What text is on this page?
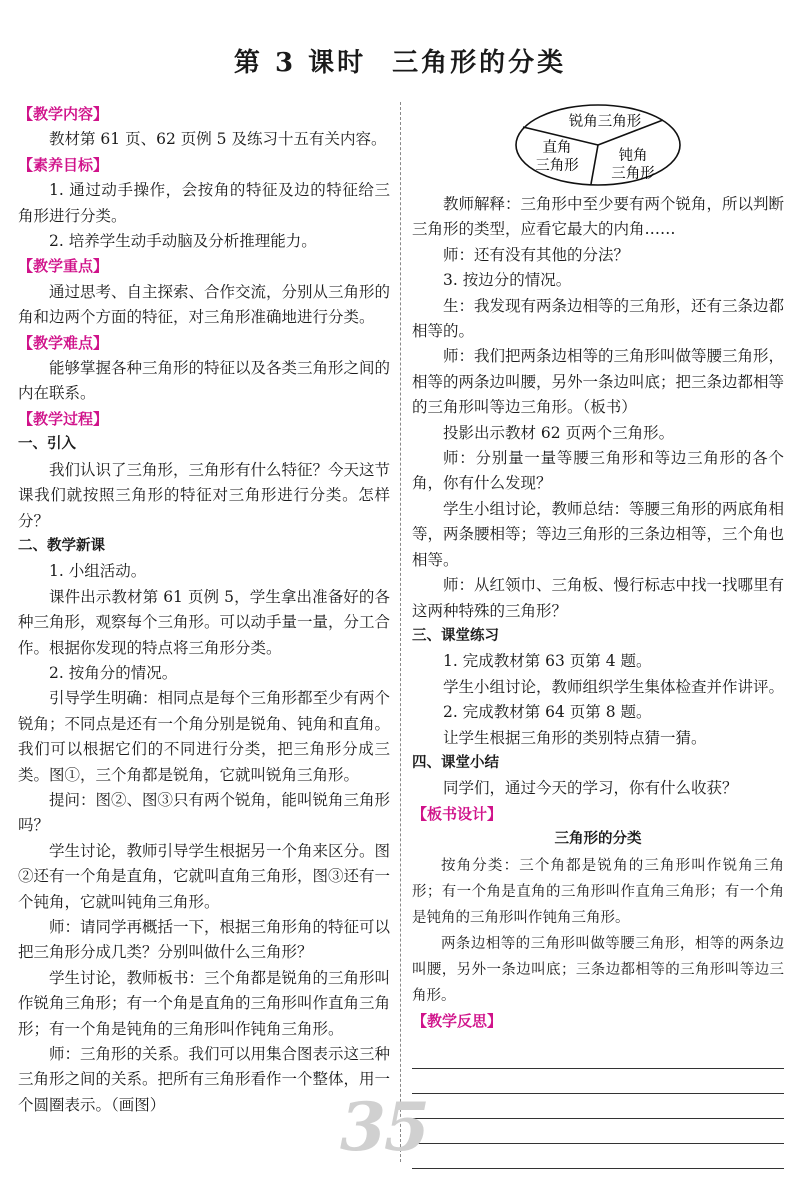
第 3 课时 三角形的分类
【教学内容】

教材第 61 页、62 页例 5 及练习十五有关内容。

【素养目标】

1. 通过动手操作，会按角的特征及边的特征给三角形进行分类。

2. 培养学生动手动脑及分析推理能力。

【教学重点】

通过思考、自主探索、合作交流，分别从三角形的角和边两个方面的特征，对三角形准确地进行分类。

【教学难点】

能够掌握各种三角形的特征以及各类三角形之间的内在联系。

【教学过程】
一、引入

我们认识了三角形，三角形有什么特征？今天这节课我们就按照三角形的特征对三角形进行分类。怎样分？

二、教学新课

1. 小组活动。

课件出示教材第 61 页例 5，学生拿出准备好的各种三角形，观察每个三角形。可以动手量一量，分工合作。根据你发现的特点将三角形分类。

2. 按角分的情况。

引导学生明确：相同点是每个三角形都至少有两个锐角；不同点是还有一个角分别是锐角、钝角和直角。我们可以根据它们的不同进行分类，把三角形分成三类。图①，三个角都是锐角，它就叫锐角三角形。

提问：图②、图③只有两个锐角，能叫锐角三角形吗？

学生讨论，教师引导学生根据另一个角来区分。图②还有一个角是直角，它就叫直角三角形，图③还有一个钝角，它就叫钝角三角形。

师：请同学再概括一下，根据三角形角的特征可以把三角形分成几类？分别叫做什么三角形？

学生讨论，教师板书：三个角都是锐角的三角形叫作锐角三角形；有一个角是直角的三角形叫作直角三角形；有一个角是钝角的三角形叫作钝角三角形。

师：三角形的关系。我们可以用集合图表示这三种三角形之间的关系。把所有三角形看作一个整体，用一个圆圈表示。（画图）

锐角三角形
直角
三角形
钝角
三角形

教师解释：三角形中至少要有两个锐角，所以判断三角形的类型，应看它最大的内角……

师：还有没有其他的分法？

3. 按边分的情况。

生：我发现有两条边相等的三角形，还有三条边都相等的。

师：我们把两条边相等的三角形叫做等腰三角形，相等的两条边叫腰，另外一条边叫底；把三条边都相等的三角形叫等边三角形。（板书）

投影出示教材 62 页两个三角形。

师：分别量一量等腰三角形和等边三角形的各个角，你有什么发现？

学生小组讨论，教师总结：等腰三角形的两底角相等，两条腰相等；等边三角形的三条边相等，三个角也相等。

师：从红领巾、三角板、慢行标志中找一找哪里有这两种特殊的三角形？

三、课堂练习

1. 完成教材第 63 页第 4 题。

学生小组讨论，教师组织学生集体检查并作讲评。

2. 完成教材第 64 页第 8 题。

让学生根据三角形的类别特点猜一猜。

四、课堂小结

同学们，通过今天的学习，你有什么收获？

【板书设计】
三角形的分类

按角分类：三个角都是锐角的三角形叫作锐角三角形；有一个角是直角的三角形叫作直角三角形；有一个角是钝角的三角形叫作钝角三角形。

两条边相等的三角形叫做等腰三角形，相等的两条边叫腰，另外一条边叫底；三条边都相等的三角形叫等边三角形。

【教学反思】
35
